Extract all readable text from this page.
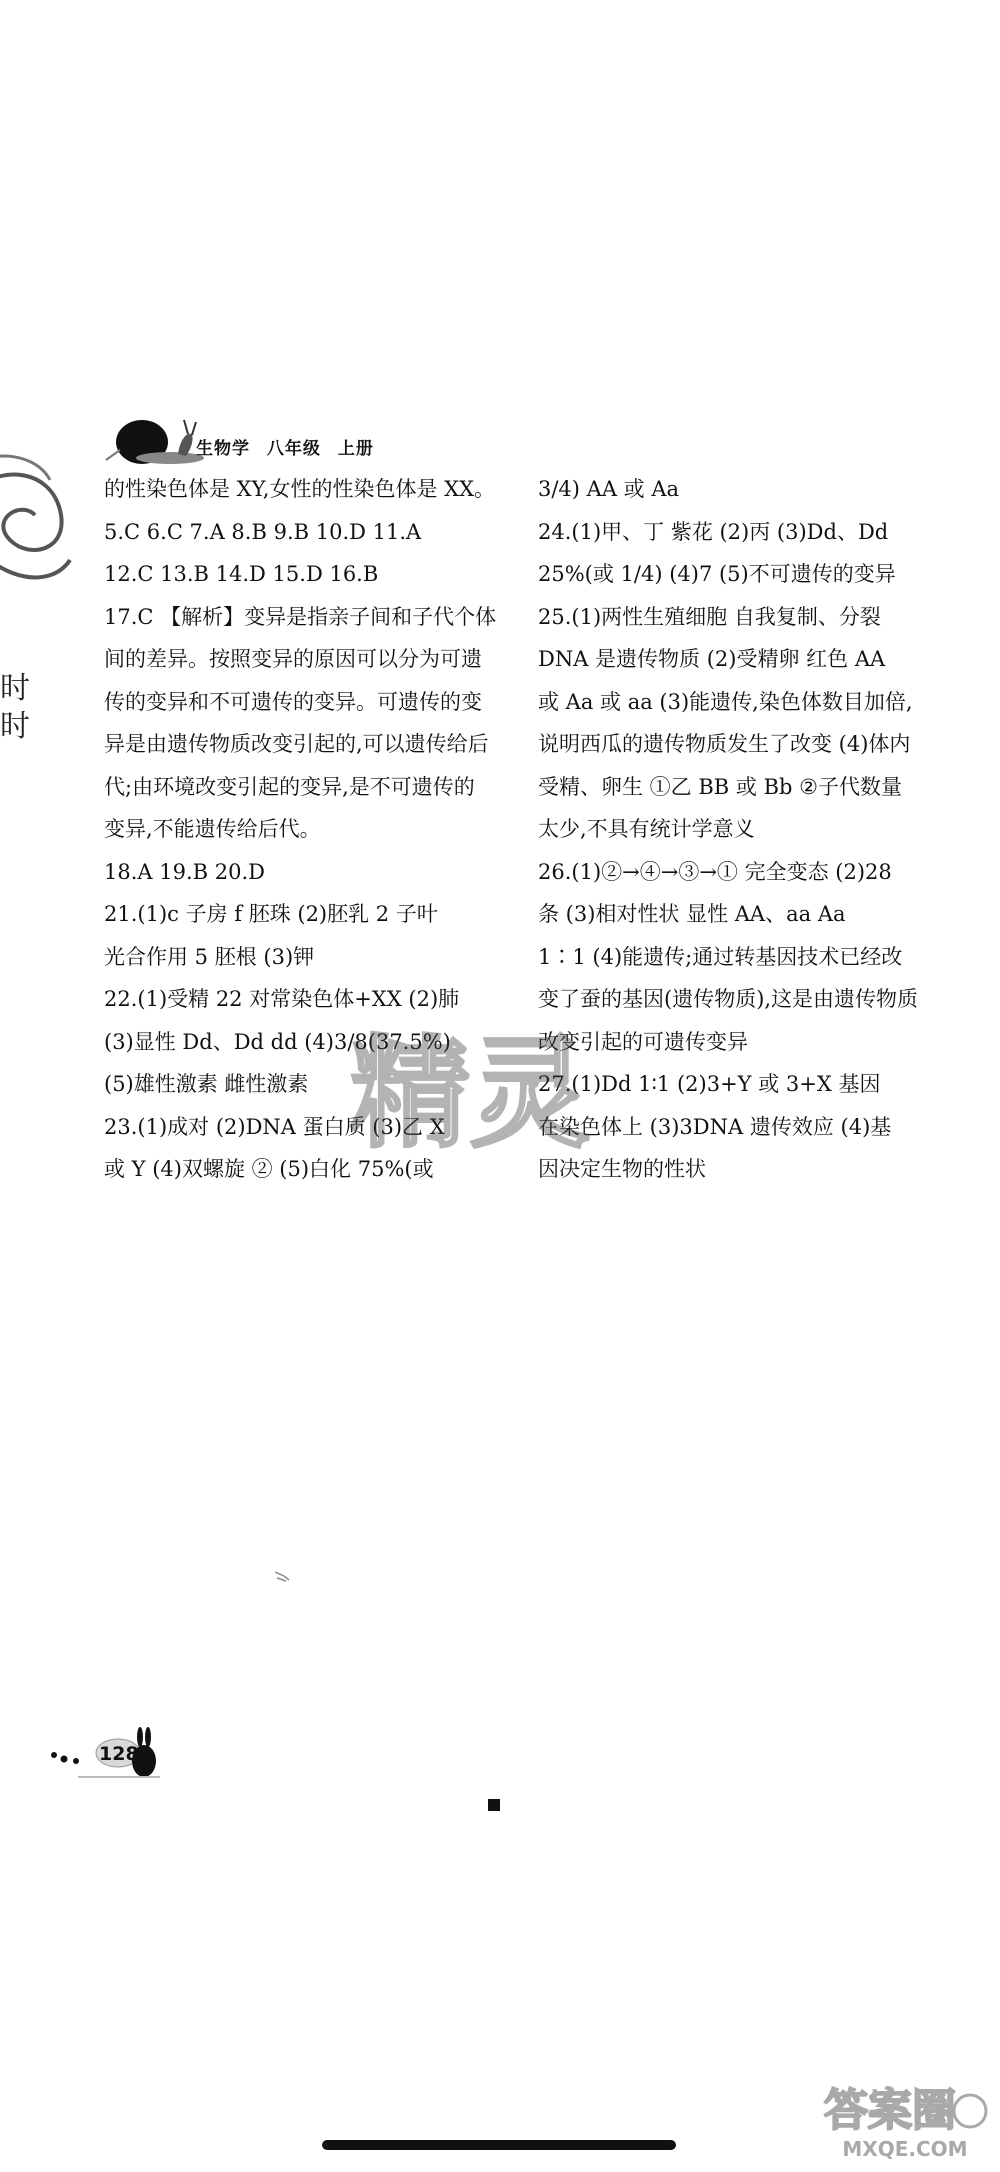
时
时
生物学 八年级 上册
的性染色体是 XY,女性的性染色体是 XX。
5.C 6.C 7.A 8.B 9.B 10.D 11.A
12.C 13.B 14.D 15.D 16.B
17.C 【解析】变异是指亲子间和子代个体
间的差异。按照变异的原因可以分为可遗
传的变异和不可遗传的变异。可遗传的变
异是由遗传物质改变引起的,可以遗传给后
代;由环境改变引起的变异,是不可遗传的
变异,不能遗传给后代。
18.A 19.B 20.D
21.(1)c 子房 f 胚珠 (2)胚乳 2 子叶
光合作用 5 胚根 (3)钾
22.(1)受精 22 对常染色体+XX (2)肺
(3)显性 Dd、Dd dd (4)3/8(37.5%)
(5)雄性激素 雌性激素
23.(1)成对 (2)DNA 蛋白质 (3)乙 X
或 Y (4)双螺旋 ② (5)白化 75%(或
3/4) AA 或 Aa
24.(1)甲、丁 紫花 (2)丙 (3)Dd、Dd
25%(或 1/4) (4)7 (5)不可遗传的变异
25.(1)两性生殖细胞 自我复制、分裂
DNA 是遗传物质 (2)受精卵 红色 AA
或 Aa 或 aa (3)能遗传,染色体数目加倍,
说明西瓜的遗传物质发生了改变 (4)体内
受精、卵生 ①乙 BB 或 Bb ②子代数量
太少,不具有统计学意义
26.(1)②→④→③→① 完全变态 (2)28
条 (3)相对性状 显性 AA、aa Aa
1∶1 (4)能遗传;通过转基因技术已经改
变了蚕的基因(遗传物质),这是由遗传物质
改变引起的可遗传变异
27.(1)Dd 1∶1 (2)3+Y 或 3+X 基因
在染色体上 (3)3DNA 遗传效应 (4)基
因决定生物的性状
精灵
128
答案圈
MXQE.COM
